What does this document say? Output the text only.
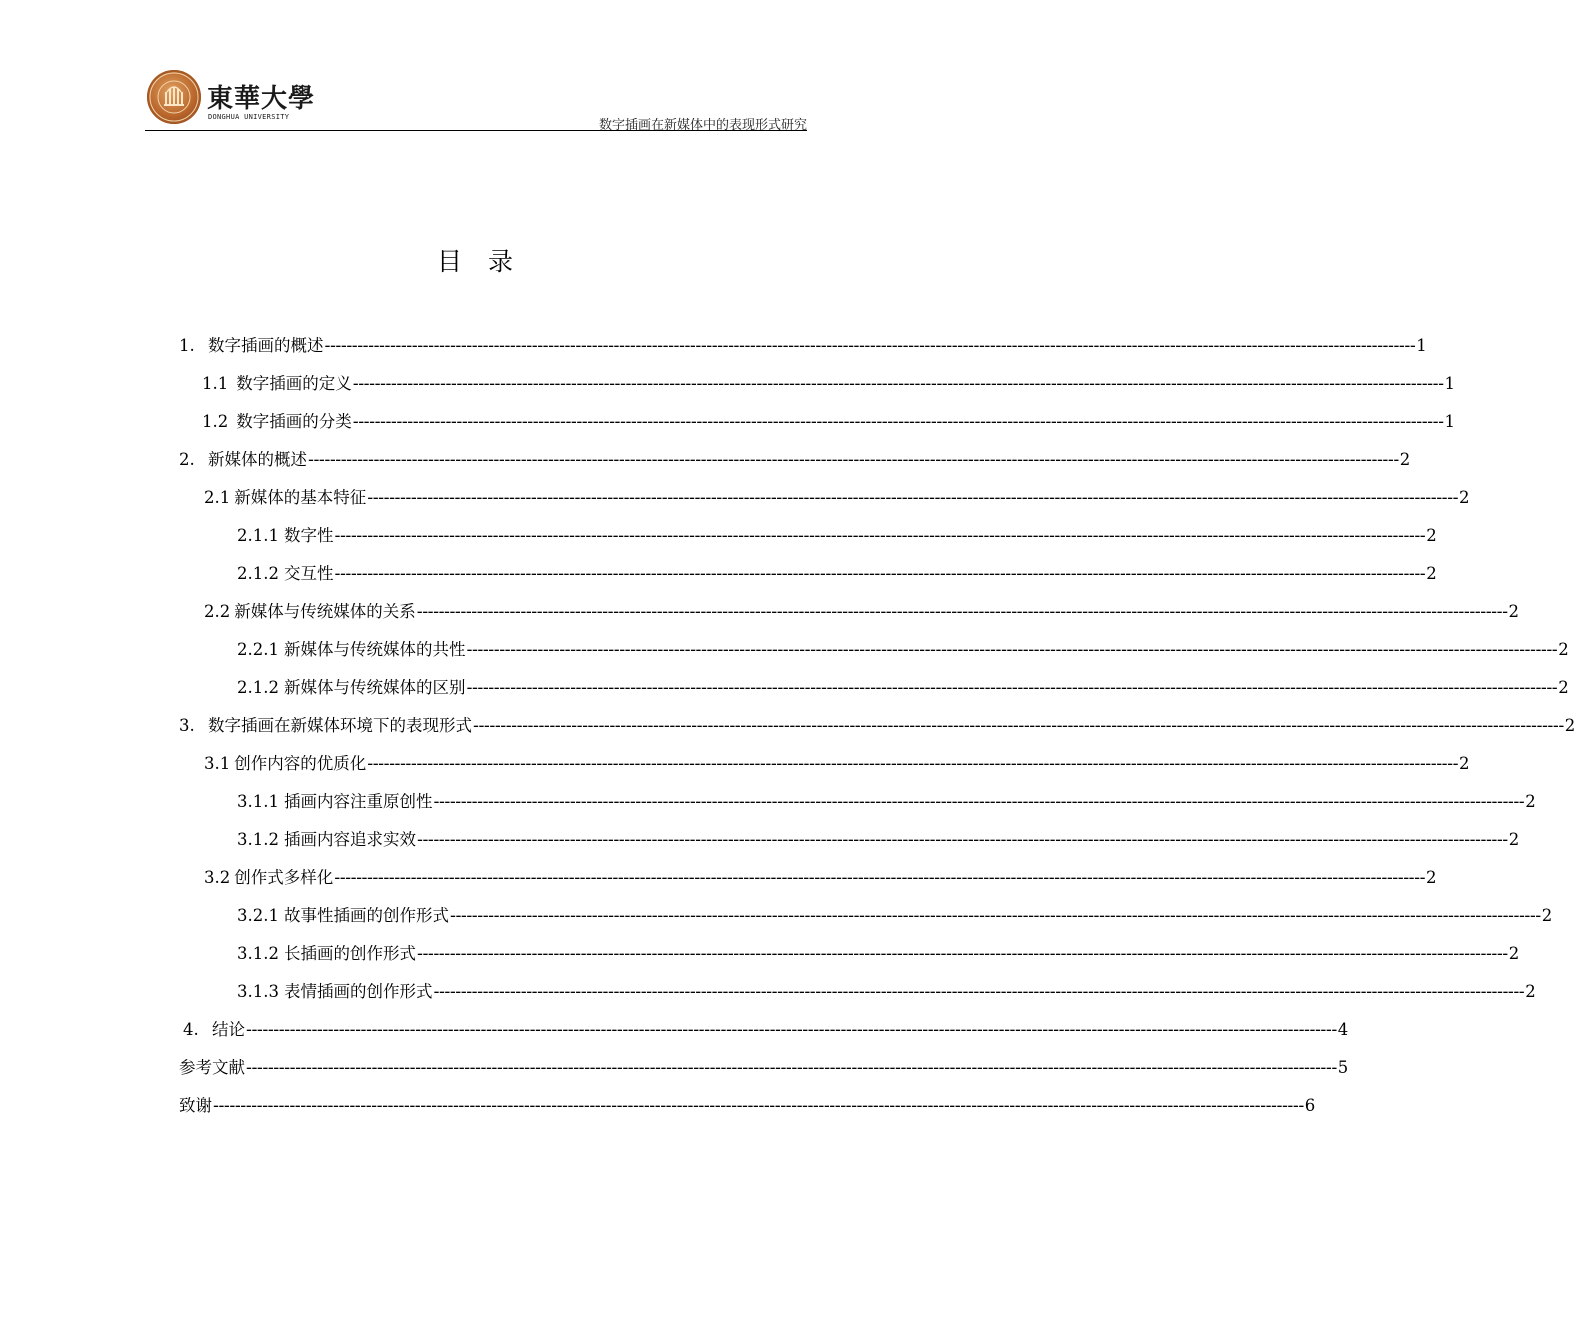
東華大學
DONGHUA UNIVERSITY
数字插画在新媒体中的表现形式研究
目录
1. 数字插画的概述 -------------------------------------------------------------------------------------------------------------------------------------------------------------------------------------------------------- 1
1.1 数字插画的定义 -------------------------------------------------------------------------------------------------------------------------------------------------------------------------------------------------------- 1
1.2 数字插画的分类 -------------------------------------------------------------------------------------------------------------------------------------------------------------------------------------------------------- 1
2. 新媒体的概述 -------------------------------------------------------------------------------------------------------------------------------------------------------------------------------------------------------- 2
2.1 新媒体的基本特征 -------------------------------------------------------------------------------------------------------------------------------------------------------------------------------------------------------- 2
2.1.1 数字性 -------------------------------------------------------------------------------------------------------------------------------------------------------------------------------------------------------- 2
2.1.2 交互性 -------------------------------------------------------------------------------------------------------------------------------------------------------------------------------------------------------- 2
2.2 新媒体与传统媒体的关系 -------------------------------------------------------------------------------------------------------------------------------------------------------------------------------------------------------- 2
2.2.1 新媒体与传统媒体的共性 -------------------------------------------------------------------------------------------------------------------------------------------------------------------------------------------------------- 2
2.1.2 新媒体与传统媒体的区别 -------------------------------------------------------------------------------------------------------------------------------------------------------------------------------------------------------- 2
3. 数字插画在新媒体环境下的表现形式 -------------------------------------------------------------------------------------------------------------------------------------------------------------------------------------------------------- 2
3.1 创作内容的优质化 -------------------------------------------------------------------------------------------------------------------------------------------------------------------------------------------------------- 2
3.1.1 插画内容注重原创性 -------------------------------------------------------------------------------------------------------------------------------------------------------------------------------------------------------- 2
3.1.2 插画内容追求实效 -------------------------------------------------------------------------------------------------------------------------------------------------------------------------------------------------------- 2
3.2 创作式多样化 -------------------------------------------------------------------------------------------------------------------------------------------------------------------------------------------------------- 2
3.2.1 故事性插画的创作形式 -------------------------------------------------------------------------------------------------------------------------------------------------------------------------------------------------------- 2
3.1.2 长插画的创作形式 -------------------------------------------------------------------------------------------------------------------------------------------------------------------------------------------------------- 2
3.1.3 表情插画的创作形式 -------------------------------------------------------------------------------------------------------------------------------------------------------------------------------------------------------- 2
4. 结论 -------------------------------------------------------------------------------------------------------------------------------------------------------------------------------------------------------- 4
参考文献 -------------------------------------------------------------------------------------------------------------------------------------------------------------------------------------------------------- 5
致谢 -------------------------------------------------------------------------------------------------------------------------------------------------------------------------------------------------------- 6
